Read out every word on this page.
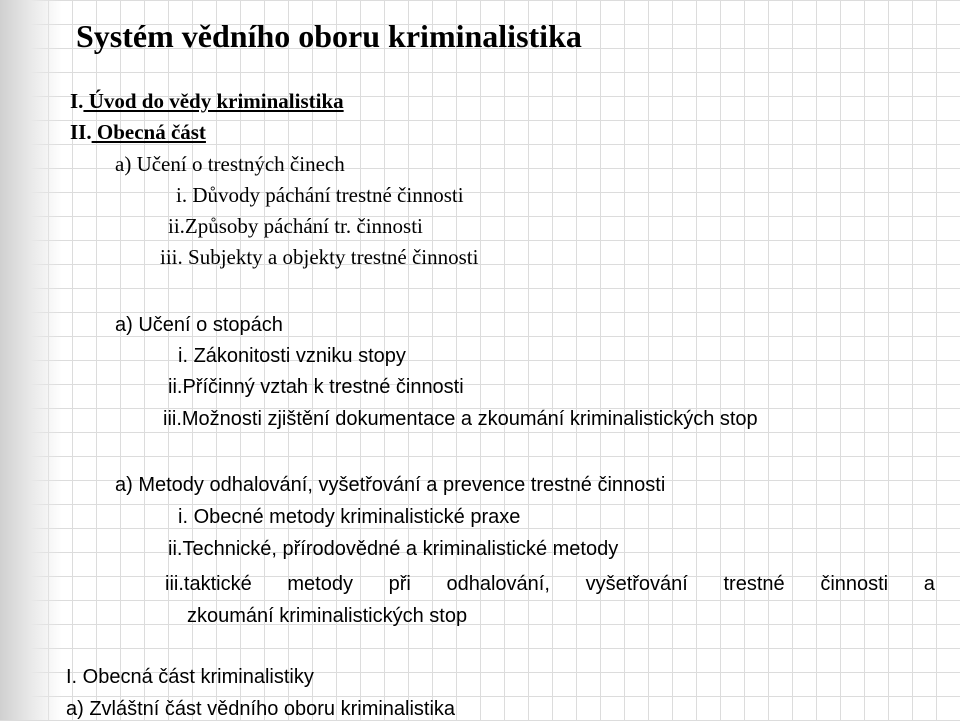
Systém vědního oboru kriminalistika
I. Úvod do vědy kriminalistika
II. Obecná část
a) Učení o trestných činech
i. Důvody páchání trestné činnosti
ii.Způsoby páchání tr. činnosti
iii. Subjekty a objekty trestné činnosti
a) Učení o stopách
i. Zákonitosti vzniku stopy
ii.Příčinný vztah k trestné činnosti
iii.Možnosti zjištění dokumentace a zkoumání kriminalistických stop
a) Metody odhalování, vyšetřování a prevence trestné činnosti
i. Obecné metody kriminalistické praxe
ii.Technické, přírodovědné a kriminalistické metody
iii.taktické metody při odhalování, vyšetřování trestné činnosti a
zkoumání kriminalistických stop
I. Obecná část kriminalistiky
a) Zvláštní část vědního oboru kriminalistika
